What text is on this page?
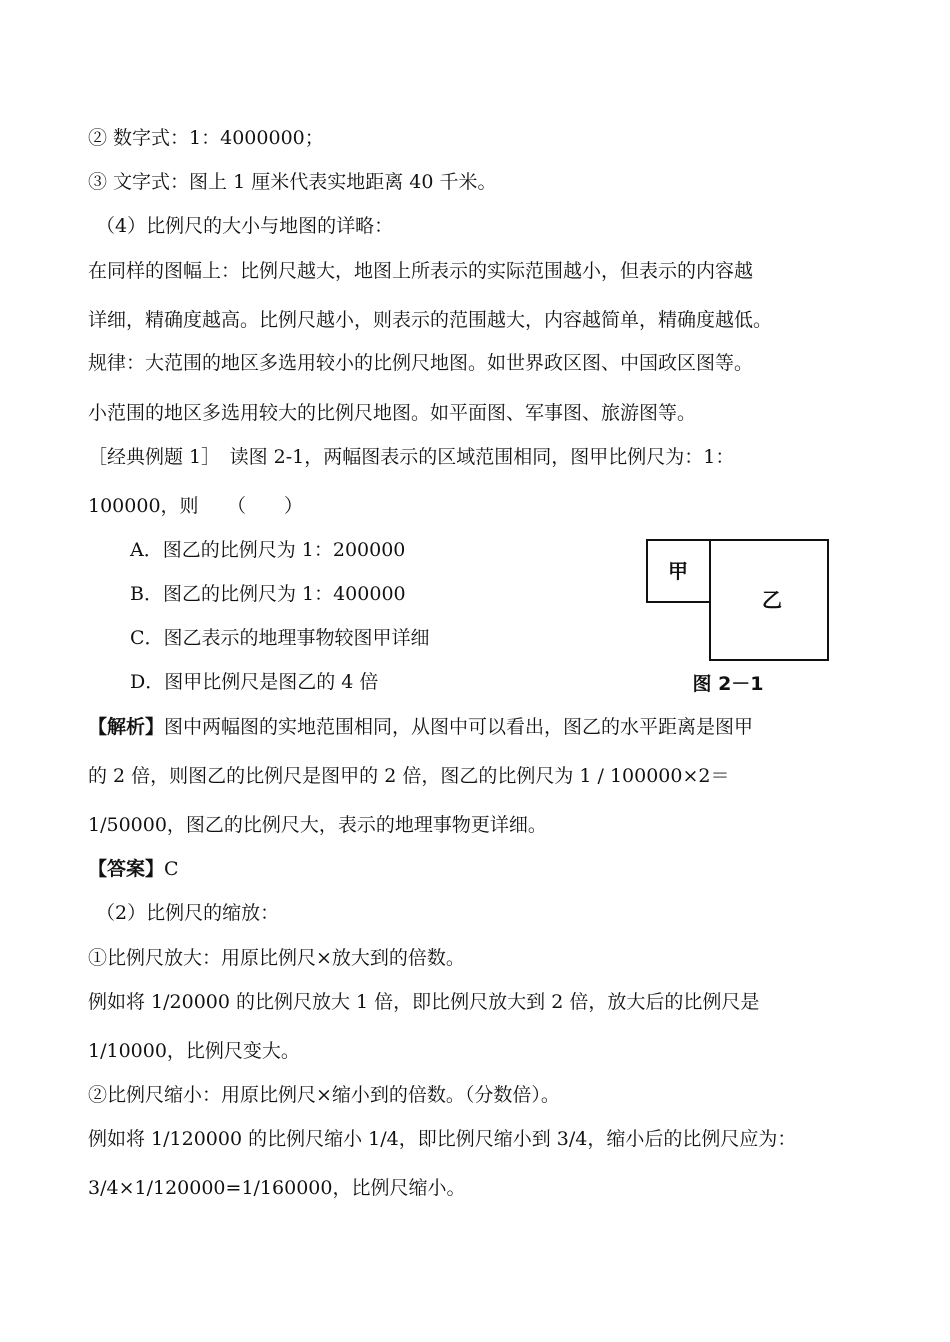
② 数字式：1：4000000；
③ 文字式：图上 1 厘米代表实地距离 40 千米。
（4）比例尺的大小与地图的详略：
在同样的图幅上：比例尺越大，地图上所表示的实际范围越小，但表示的内容越
详细，精确度越高。比例尺越小，则表示的范围越大，内容越简单，精确度越低。
规律：大范围的地区多选用较小的比例尺地图。如世界政区图、中国政区图等。
小范围的地区多选用较大的比例尺地图。如平面图、军事图、旅游图等。
［经典例题 1］　读图 2-1，两幅图表示的区域范围相同，图甲比例尺为：1：
100000，则　　（　　）
A．图乙的比例尺为 1：200000
B．图乙的比例尺为 1：400000
C．图乙表示的地理事物较图甲详细
D．图甲比例尺是图乙的 4 倍
甲
乙
图 2－1
【解析】图中两幅图的实地范围相同，从图中可以看出，图乙的水平距离是图甲
的 2 倍，则图乙的比例尺是图甲的 2 倍，图乙的比例尺为 1 / 100000×2＝
1/50000，图乙的比例尺大，表示的地理事物更详细。
【答案】C
（2）比例尺的缩放：
①比例尺放大：用原比例尺×放大到的倍数。
例如将 1/20000 的比例尺放大 1 倍，即比例尺放大到 2 倍，放大后的比例尺是
1/10000，比例尺变大。
②比例尺缩小：用原比例尺×缩小到的倍数。（分数倍）。
例如将 1/120000 的比例尺缩小 1/4，即比例尺缩小到 3/4，缩小后的比例尺应为：
3/4×1/120000=1/160000，比例尺缩小。
